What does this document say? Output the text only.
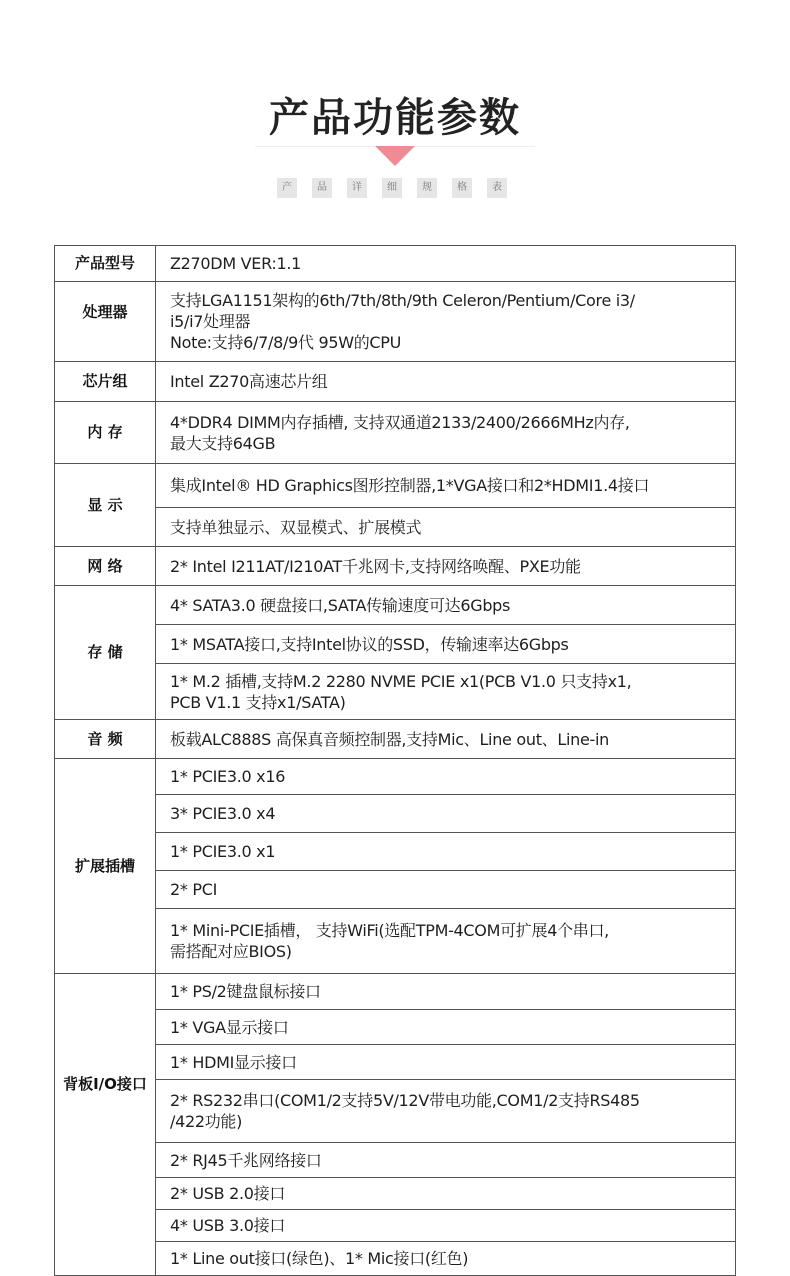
产品功能参数
产	品	详	细	规	格	表
产品型号	Z270DM VER:1.1

处理器	支持LGA1151架构的6th/7th/8th/9th Celeron/Pentium/Core i3/
i5/i7处理器
Note:支持6/7/8/9代 95W的CPU

芯片组	Intel Z270高速芯片组

内 存	4*DDR4 DIMM内存插槽, 支持双通道2133/2400/2666MHz内存,
最大支持64GB

显 示	集成Intel® HD Graphics图形控制器,1*VGA接口和2*HDMI1.4接口

	支持单独显示、双显模式、扩展模式

网 络	2* Intel I211AT/I210AT千兆网卡,支持网络唤醒、PXE功能

存 储	4* SATA3.0 硬盘接口,SATA传输速度可达6Gbps

	1* MSATA接口,支持Intel协议的SSD，传输速率达6Gbps

	1* M.2 插槽,支持M.2 2280 NVME PCIE x1(PCB V1.0 只支持x1,
PCB V1.1 支持x1/SATA)

音 频	板载ALC888S 高保真音频控制器,支持Mic、Line out、Line-in

扩展插槽	1* PCIE3.0 x16

	3* PCIE3.0 x4

	1* PCIE3.0 x1

	2* PCI

	1* Mini-PCIE插槽， 支持WiFi(选配TPM-4COM可扩展4个串口,
需搭配对应BIOS)

背板I/O接口	1* PS/2键盘鼠标接口

	1* VGA显示接口

	1* HDMI显示接口

	2* RS232串口(COM1/2支持5V/12V带电功能,COM1/2支持RS485
/422功能)

	2* RJ45千兆网络接口

	2* USB 2.0接口

	4* USB 3.0接口

	1* Line out接口(绿色)、1* Mic接口(红色)
